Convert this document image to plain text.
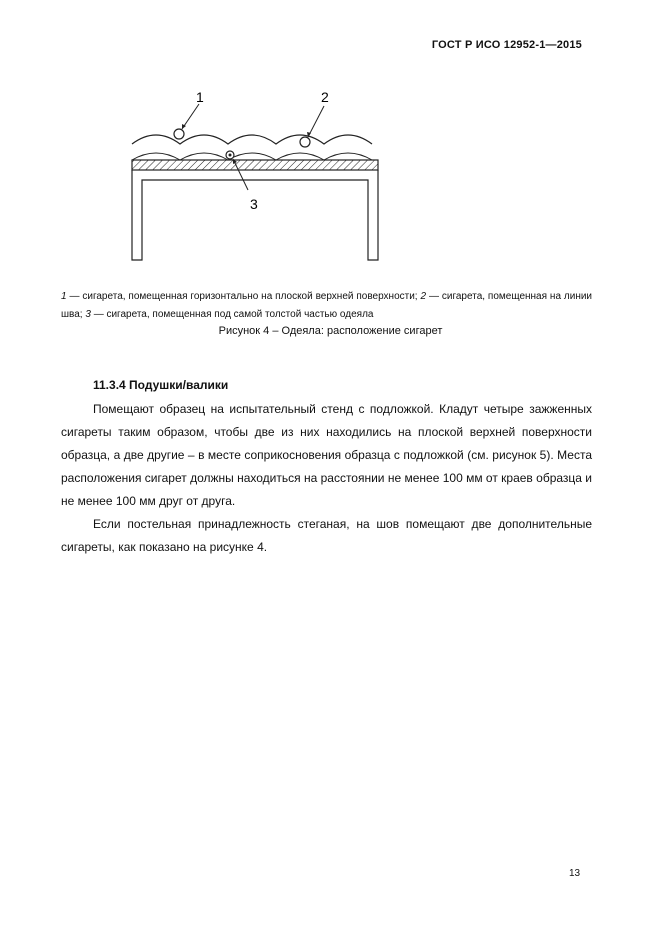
ГОСТ Р ИСО 12952-1—2015
1	2
3
1 — сигарета, помещенная горизонтально на плоской верхней поверхности; 2 — сигарета, помещенная на линии шва; 3 — сигарета, помещенная под самой толстой частью одеяла
Рисунок 4 – Одеяла: расположение сигарет
11.3.4 Подушки/валики

Помещают образец на испытательный стенд с подложкой. Кладут четыре зажженных сигареты таким образом, чтобы две из них находились на плоской верхней поверхности образца, а две другие – в месте соприкосновения образца с подложкой (см. рисунок 5). Места расположения сигарет должны находиться на расстоянии не менее 100 мм от краев образца и не менее 100 мм друг от друга.

Если постельная принадлежность стеганая, на шов помещают две дополнительные сигареты, как показано на рисунке 4.

13
